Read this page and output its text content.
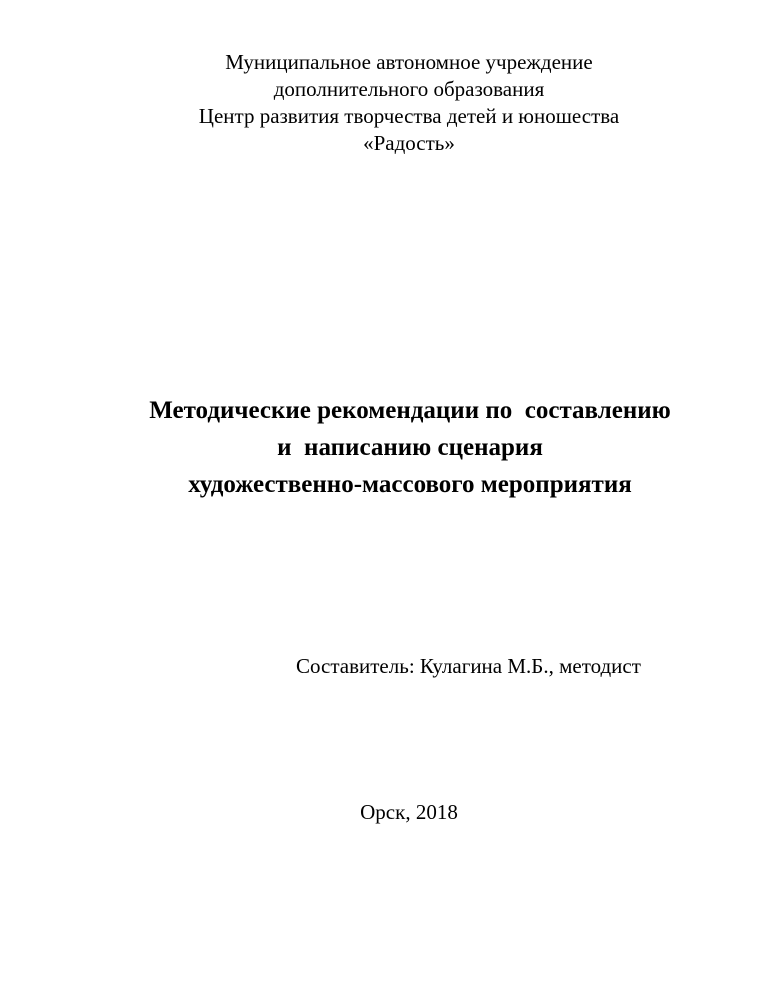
Муниципальное автономное учреждение
дополнительного образования
Центр развития творчества детей и юношества
«Радость»
Методические рекомендации по  составлению
и  написанию сценария
художественно-массового мероприятия
Составитель: Кулагина М.Б., методист
Орск, 2018
